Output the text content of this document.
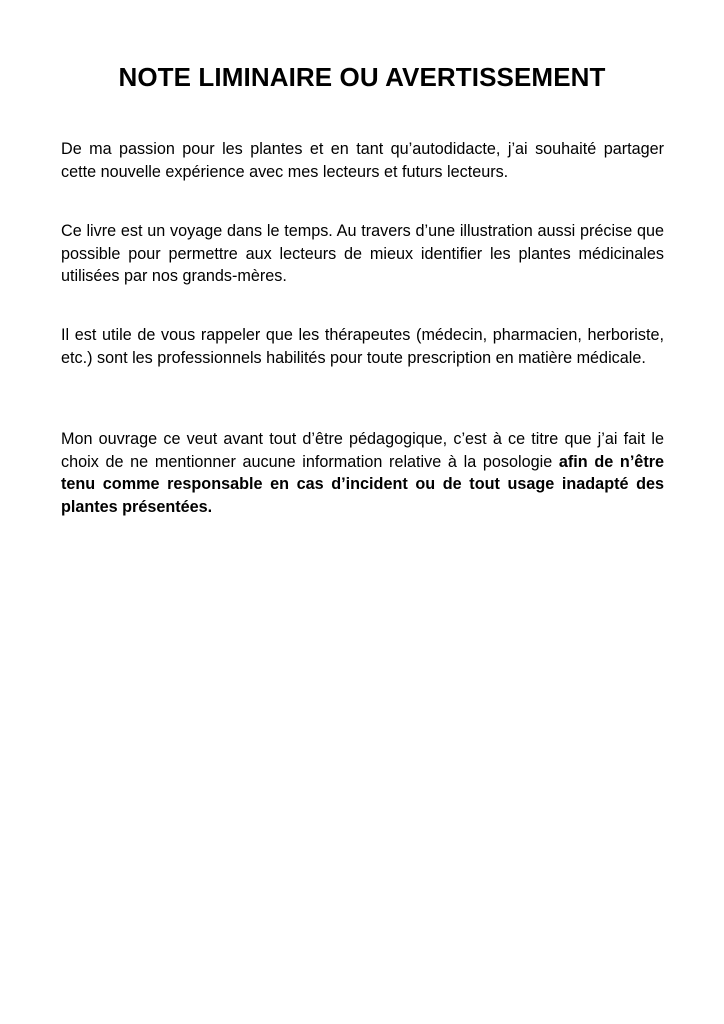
NOTE LIMINAIRE OU AVERTISSEMENT

De ma passion pour les plantes et en tant qu’autodidacte, j’ai souhaité partager cette nouvelle expérience avec mes lecteurs et futurs lecteurs.

Ce livre est un voyage dans le temps. Au travers d’une illustration aussi précise que possible pour permettre aux lecteurs de mieux identifier les plantes médicinales utilisées par nos grands-mères.

Il est utile de vous rappeler que les thérapeutes (médecin, pharmacien, herboriste, etc.) sont les professionnels habilités pour toute prescription en matière médicale.

Mon ouvrage ce veut avant tout d’être pédagogique, c’est à ce titre que j’ai fait le choix de ne mentionner aucune information relative à la posologie afin de n’être tenu comme responsable en cas d’incident ou de tout usage inadapté des plantes présentées.
